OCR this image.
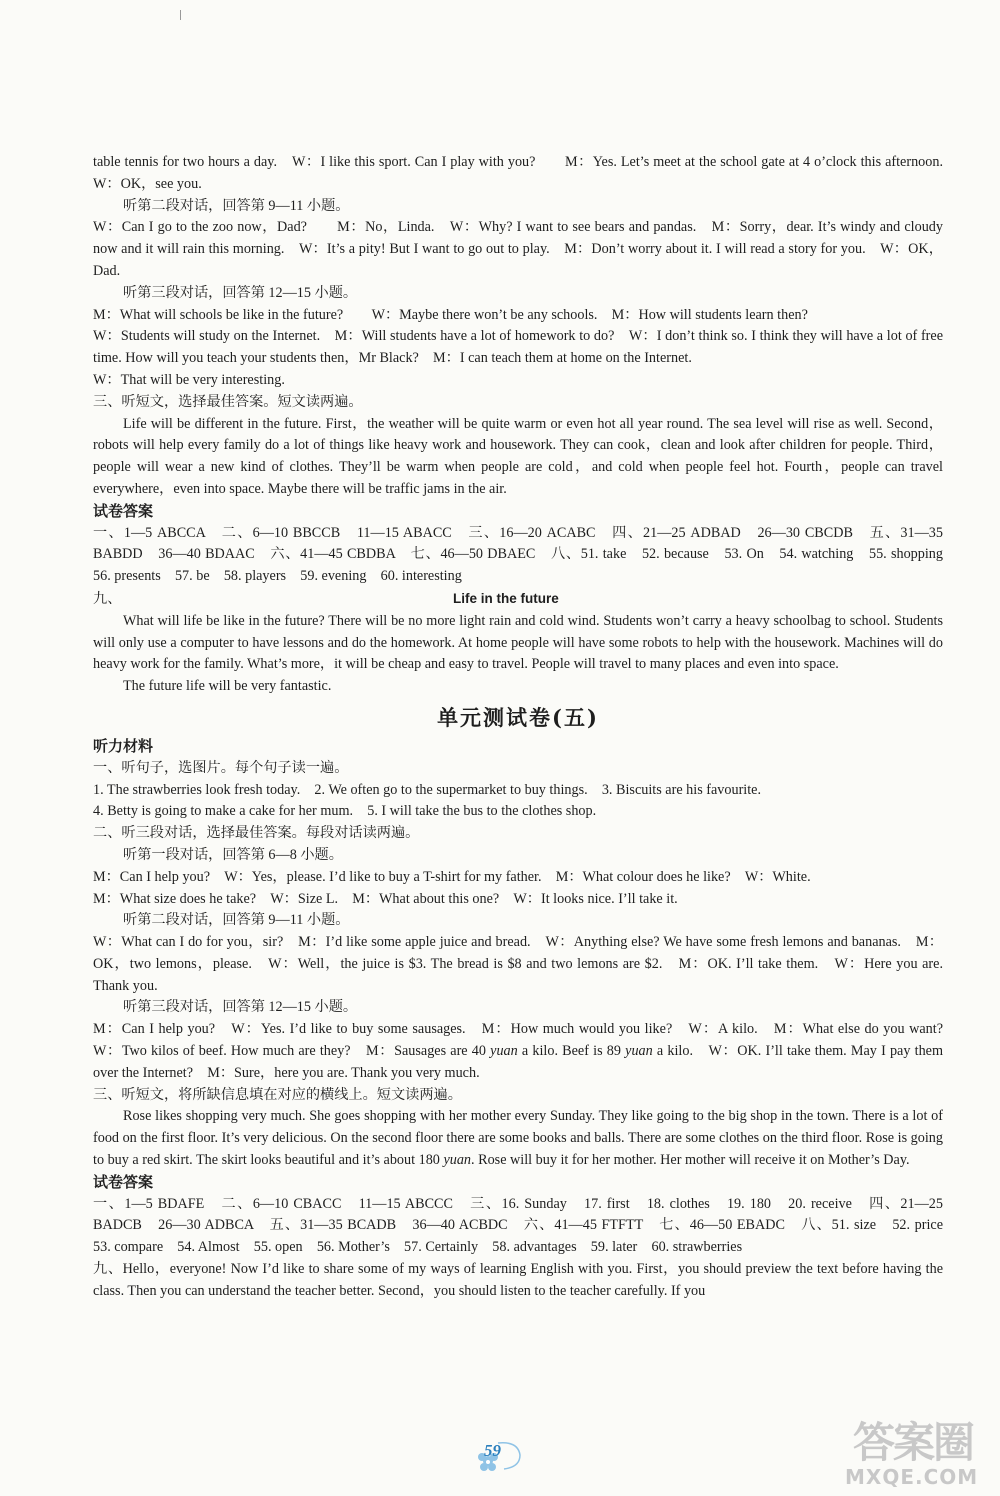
table tennis for two hours a day.　W：I like this sport. Can I play with you?　　M：Yes. Let’s meet at the school gate at 4 o’clock this afternoon.　W：OK，see you.

听第二段对话，回答第 9—11 小题。

W：Can I go to the zoo now，Dad?　　M：No，Linda.　W：Why? I want to see bears and pandas.　M：Sorry，dear. It’s windy and cloudy now and it will rain this morning.　W：It’s a pity! But I want to go out to play.　M：Don’t worry about it. I will read a story for you.　W：OK，Dad.

听第三段对话，回答第 12—15 小题。

M：What will schools be like in the future?　　W：Maybe there won’t be any schools.　M：How will students learn then?

W：Students will study on the Internet.　M：Will students have a lot of homework to do?　W：I don’t think so. I think they will have a lot of free time. How will you teach your students then，Mr Black?　M：I can teach them at home on the Internet.

W：That will be very interesting.

三、听短文，选择最佳答案。短文读两遍。

Life will be different in the future. First，the weather will be quite warm or even hot all year round. The sea level will rise as well. Second，robots will help every family do a lot of things like heavy work and housework. They can cook，clean and look after children for people. Third，people will wear a new kind of clothes. They’ll be warm when people are cold，and cold when people feel hot. Fourth，people can travel everywhere，even into space. Maybe there will be traffic jams in the air.

试卷答案

一、1—5 ABCCA　二、6—10 BBCCB　11—15 ABACC　三、16—20 ACABC　四、21—25 ADBAD　26—30 CBCDB　五、31—35 BABDD　36—40 BDAAC　六、41—45 CBDBA　七、46—50 DBAEC　八、51. take　52. because　53. On　54. watching　55. shopping　56. presents　57. be　58. players　59. evening　60. interesting

九、	Life in the future

What will life be like in the future? There will be no more light rain and cold wind. Students won’t carry a heavy schoolbag to school. Students will only use a computer to have lessons and do the homework. At home people will have some robots to help with the housework. Machines will do heavy work for the family. What’s more，it will be cheap and easy to travel. People will travel to many places and even into space.

The future life will be very fantastic.

单元测试卷(五)

听力材料

一、听句子，选图片。每个句子读一遍。

1. The strawberries look fresh today.　2. We often go to the supermarket to buy things.　3. Biscuits are his favourite.

4. Betty is going to make a cake for her mum.　5. I will take the bus to the clothes shop.

二、听三段对话，选择最佳答案。每段对话读两遍。

听第一段对话，回答第 6—8 小题。

M：Can I help you?　W：Yes，please. I’d like to buy a T-shirt for my father.　M：What colour does he like?　W：White.

M：What size does he take?　W：Size L.　M：What about this one?　W：It looks nice. I’ll take it.

听第二段对话，回答第 9—11 小题。

W：What can I do for you，sir?　M：I’d like some apple juice and bread.　W：Anything else? We have some fresh lemons and bananas.　M：OK，two lemons，please.　W：Well，the juice is $3. The bread is $8 and two lemons are $2.　M：OK. I’ll take them.　W：Here you are. Thank you.

听第三段对话，回答第 12—15 小题。

M：Can I help you?　W：Yes. I’d like to buy some sausages.　M：How much would you like?　W：A kilo.　M：What else do you want?　W：Two kilos of beef. How much are they?　M：Sausages are 40 yuan a kilo. Beef is 89 yuan a kilo.　W：OK. I’ll take them. May I pay them over the Internet?　M：Sure，here you are. Thank you very much.

三、听短文，将所缺信息填在对应的横线上。短文读两遍。

Rose likes shopping very much. She goes shopping with her mother every Sunday. They like going to the big shop in the town. There is a lot of food on the first floor. It’s very delicious. On the second floor there are some books and balls. There are some clothes on the third floor. Rose is going to buy a red skirt. The skirt looks beautiful and it’s about 180 yuan. Rose will buy it for her mother. Her mother will receive it on Mother’s Day.

试卷答案

一、1—5 BDAFE　二、6—10 CBACC　11—15 ABCCC　三、16. Sunday　17. first　18. clothes　19. 180　20. receive　四、21—25 BADCB　26—30 ADBCA　五、31—35 BCADB　36—40 ACBDC　六、41—45 FTFTT　七、46—50 EBADC　八、51. size　52. price　53. compare　54. Almost　55. open　56. Mother’s　57. Certainly　58. advantages　59. later　60. strawberries

九、Hello，everyone! Now I’d like to share some of my ways of learning English with you. First，you should preview the text before having the class. Then you can understand the teacher better. Second，you should listen to the teacher carefully. If you

59	答案圈
MXQE.COM
